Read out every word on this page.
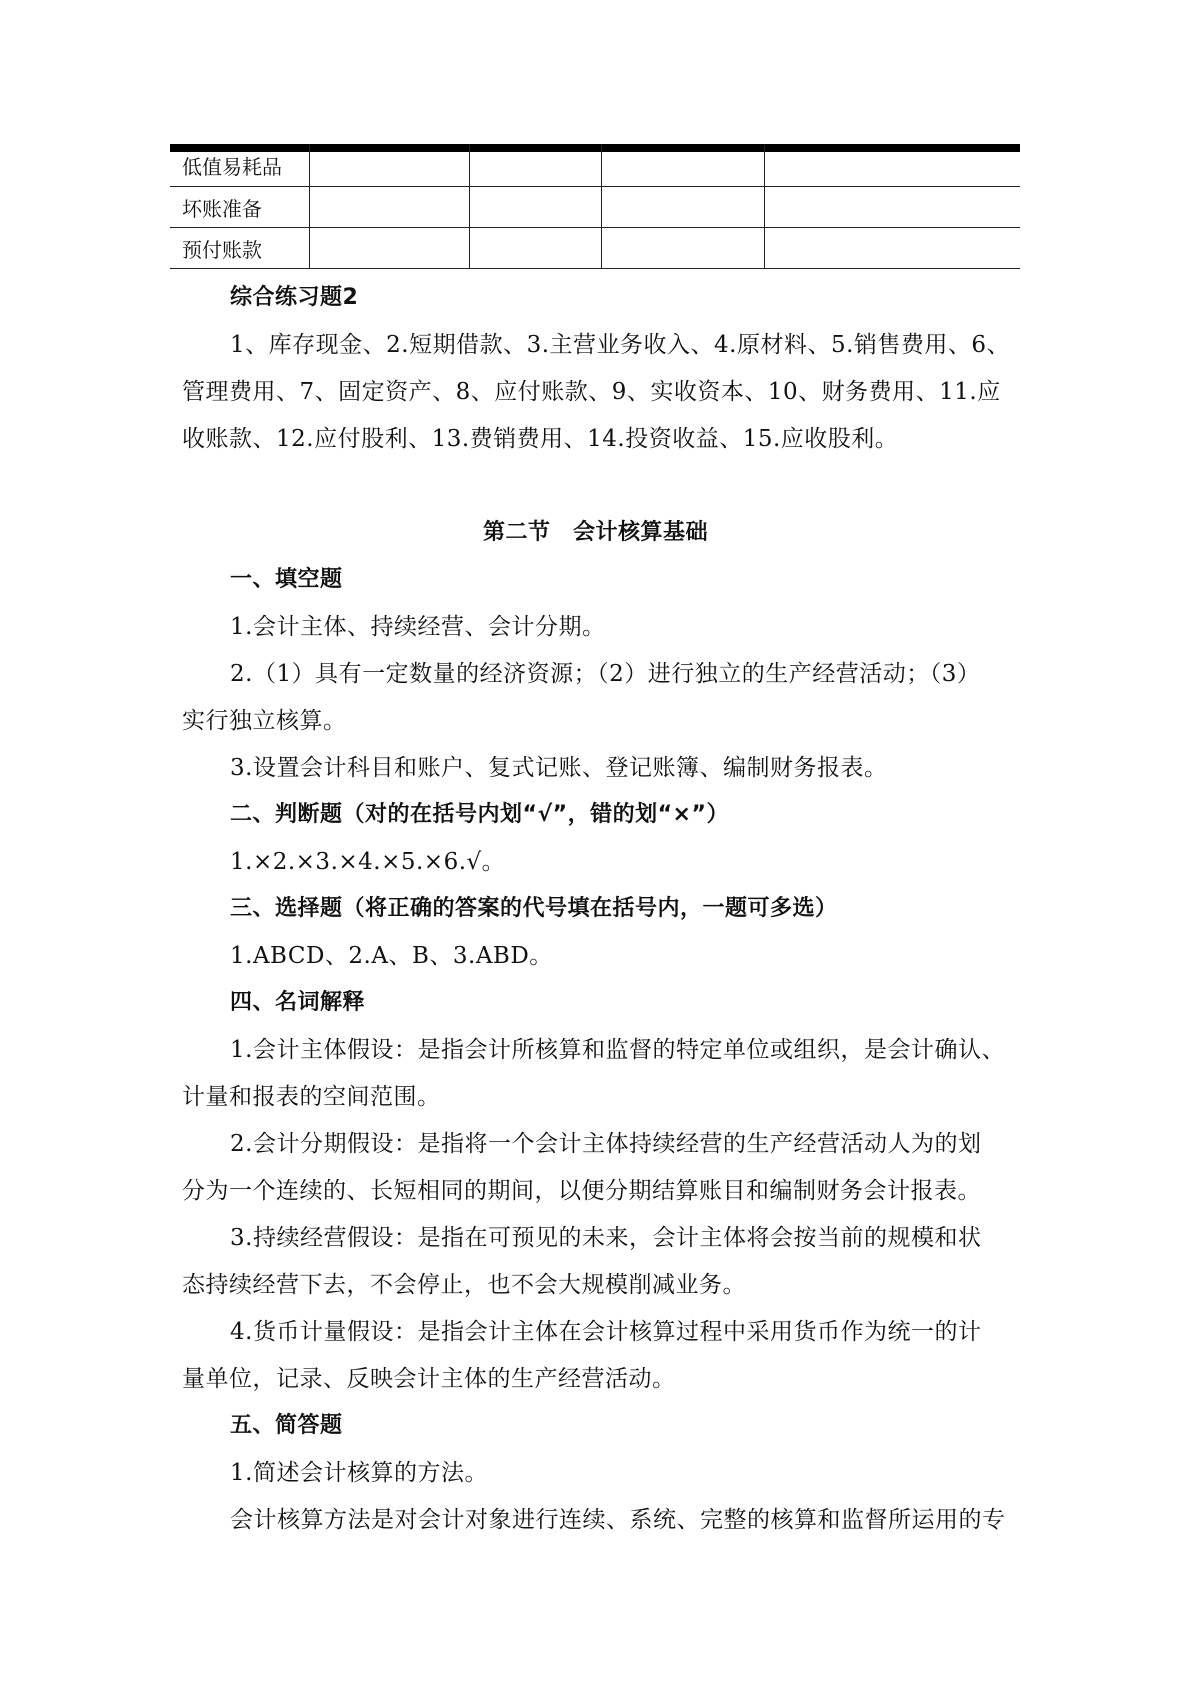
低值易耗品				
坏账准备				
预付账款				
综合练习题2
1、库存现金、2.短期借款、3.主营业务收入、4.原材料、5.销售费用、6、
管理费用、7、固定资产、8、应付账款、9、实收资本、10、财务费用、11.应
收账款、12.应付股利、13.费销费用、14.投资收益、15.应收股利。
第二节　会计核算基础
一、填空题
1.会计主体、持续经营、会计分期。
2.（1）具有一定数量的经济资源；（2）进行独立的生产经营活动；（3）
实行独立核算。
3.设置会计科目和账户、复式记账、登记账簿、编制财务报表。
二、判断题（对的在括号内划“√”，错的划“×”）
1.×2.×3.×4.×5.×6.√。
三、选择题（将正确的答案的代号填在括号内，一题可多选）
1.ABCD、2.A、B、3.ABD。
四、名词解释
1.会计主体假设：是指会计所核算和监督的特定单位或组织，是会计确认、
计量和报表的空间范围。
2.会计分期假设：是指将一个会计主体持续经营的生产经营活动人为的划
分为一个连续的、长短相同的期间，以便分期结算账目和编制财务会计报表。
3.持续经营假设：是指在可预见的未来，会计主体将会按当前的规模和状
态持续经营下去，不会停止，也不会大规模削减业务。
4.货币计量假设：是指会计主体在会计核算过程中采用货币作为统一的计
量单位，记录、反映会计主体的生产经营活动。
五、简答题
1.简述会计核算的方法。
会计核算方法是对会计对象进行连续、系统、完整的核算和监督所运用的专
